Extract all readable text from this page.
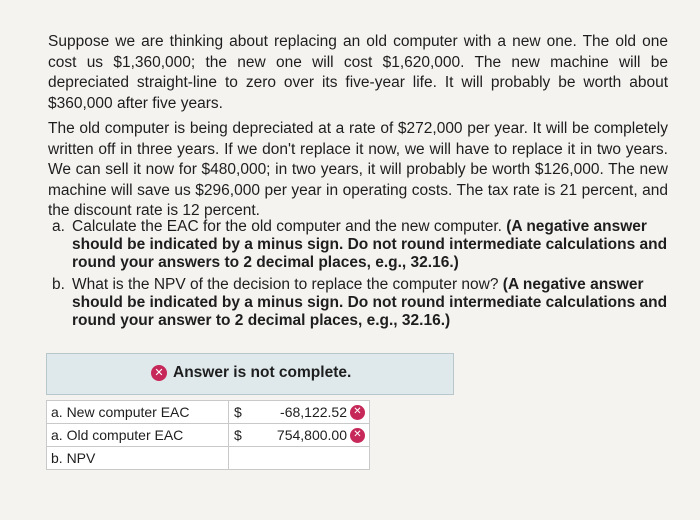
Suppose we are thinking about replacing an old computer with a new one. The old one cost us $1,360,000; the new one will cost $1,620,000. The new machine will be depreciated straight-line to zero over its five-year life. It will probably be worth about $360,000 after five years.

The old computer is being depreciated at a rate of $272,000 per year. It will be completely written off in three years. If we don't replace it now, we will have to replace it in two years. We can sell it now for $480,000; in two years, it will probably be worth $126,000. The new machine will save us $296,000 per year in operating costs. The tax rate is 21 percent, and the discount rate is 12 percent.

a. Calculate the EAC for the old computer and the new computer. (A negative answer should be indicated by a minus sign. Do not round intermediate calculations and round your answers to 2 decimal places, e.g., 32.16.)
b. What is the NPV of the decision to replace the computer now? (A negative answer should be indicated by a minus sign. Do not round intermediate calculations and round your answer to 2 decimal places, e.g., 32.16.)
✕ Answer is not complete.
a. New computer EAC	$ -68,122.52 ✕

a. Old computer EAC	$ 754,800.00 ✕

b. NPV	
